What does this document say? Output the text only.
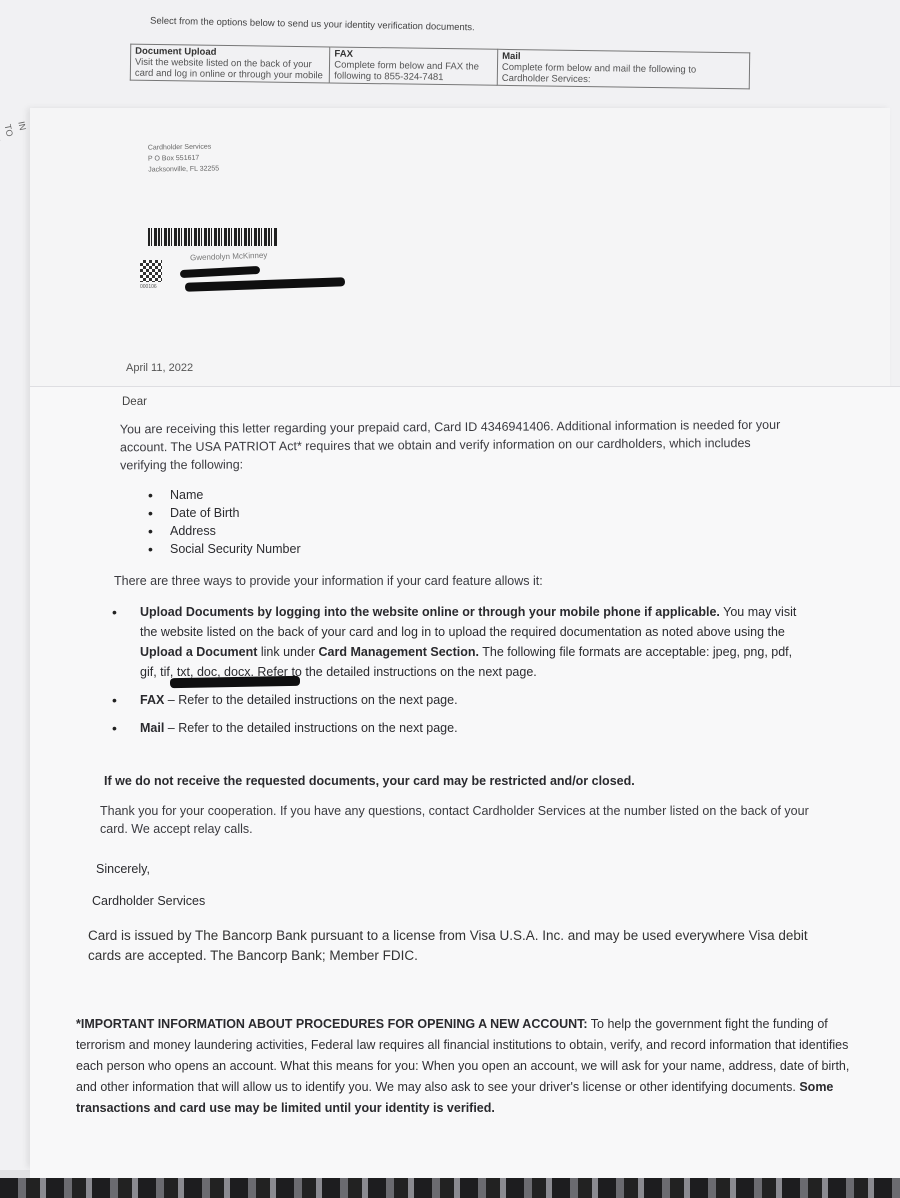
IN
TO
Select from the options below to send us your identity verification documents.
Document Upload
Visit the website listed on the back of your card and log in online or through your mobile

FAX
Complete form below and FAX the following to 855-324-7481

Mail
Complete form below and mail the following to Cardholder Services:
Cardholder Services
P O Box 551617
Jacksonville, FL 32255
000106
Gwendolyn McKinney
April 11, 2022
Dear
You are receiving this letter regarding your prepaid card, Card ID 4346941406. Additional information is needed for your account. The USA PATRIOT Act* requires that we obtain and verify information on our cardholders, which includes verifying the following:
• Name
• Date of Birth
• Address
• Social Security Number
There are three ways to provide your information if your card feature allows it:
• Upload Documents by logging into the website online or through your mobile phone if applicable. You may visit the website listed on the back of your card and log in to upload the required documentation as noted above using the Upload a Document link under Card Management Section. The following file formats are acceptable: jpeg, png, pdf, gif, tif, txt, doc, docx. Refer to the detailed instructions on the next page.
• FAX – Refer to the detailed instructions on the next page.
• Mail – Refer to the detailed instructions on the next page.
If we do not receive the requested documents, your card may be restricted and/or closed.
Thank you for your cooperation. If you have any questions, contact Cardholder Services at the number listed on the back of your card. We accept relay calls.
Sincerely,
Cardholder Services
Card is issued by The Bancorp Bank pursuant to a license from Visa U.S.A. Inc. and may be used everywhere Visa debit cards are accepted. The Bancorp Bank; Member FDIC.
*IMPORTANT INFORMATION ABOUT PROCEDURES FOR OPENING A NEW ACCOUNT: To help the government fight the funding of terrorism and money laundering activities, Federal law requires all financial institutions to obtain, verify, and record information that identifies each person who opens an account. What this means for you: When you open an account, we will ask for your name, address, date of birth, and other information that will allow us to identify you. We may also ask to see your driver's license or other identifying documents. Some transactions and card use may be limited until your identity is verified.
